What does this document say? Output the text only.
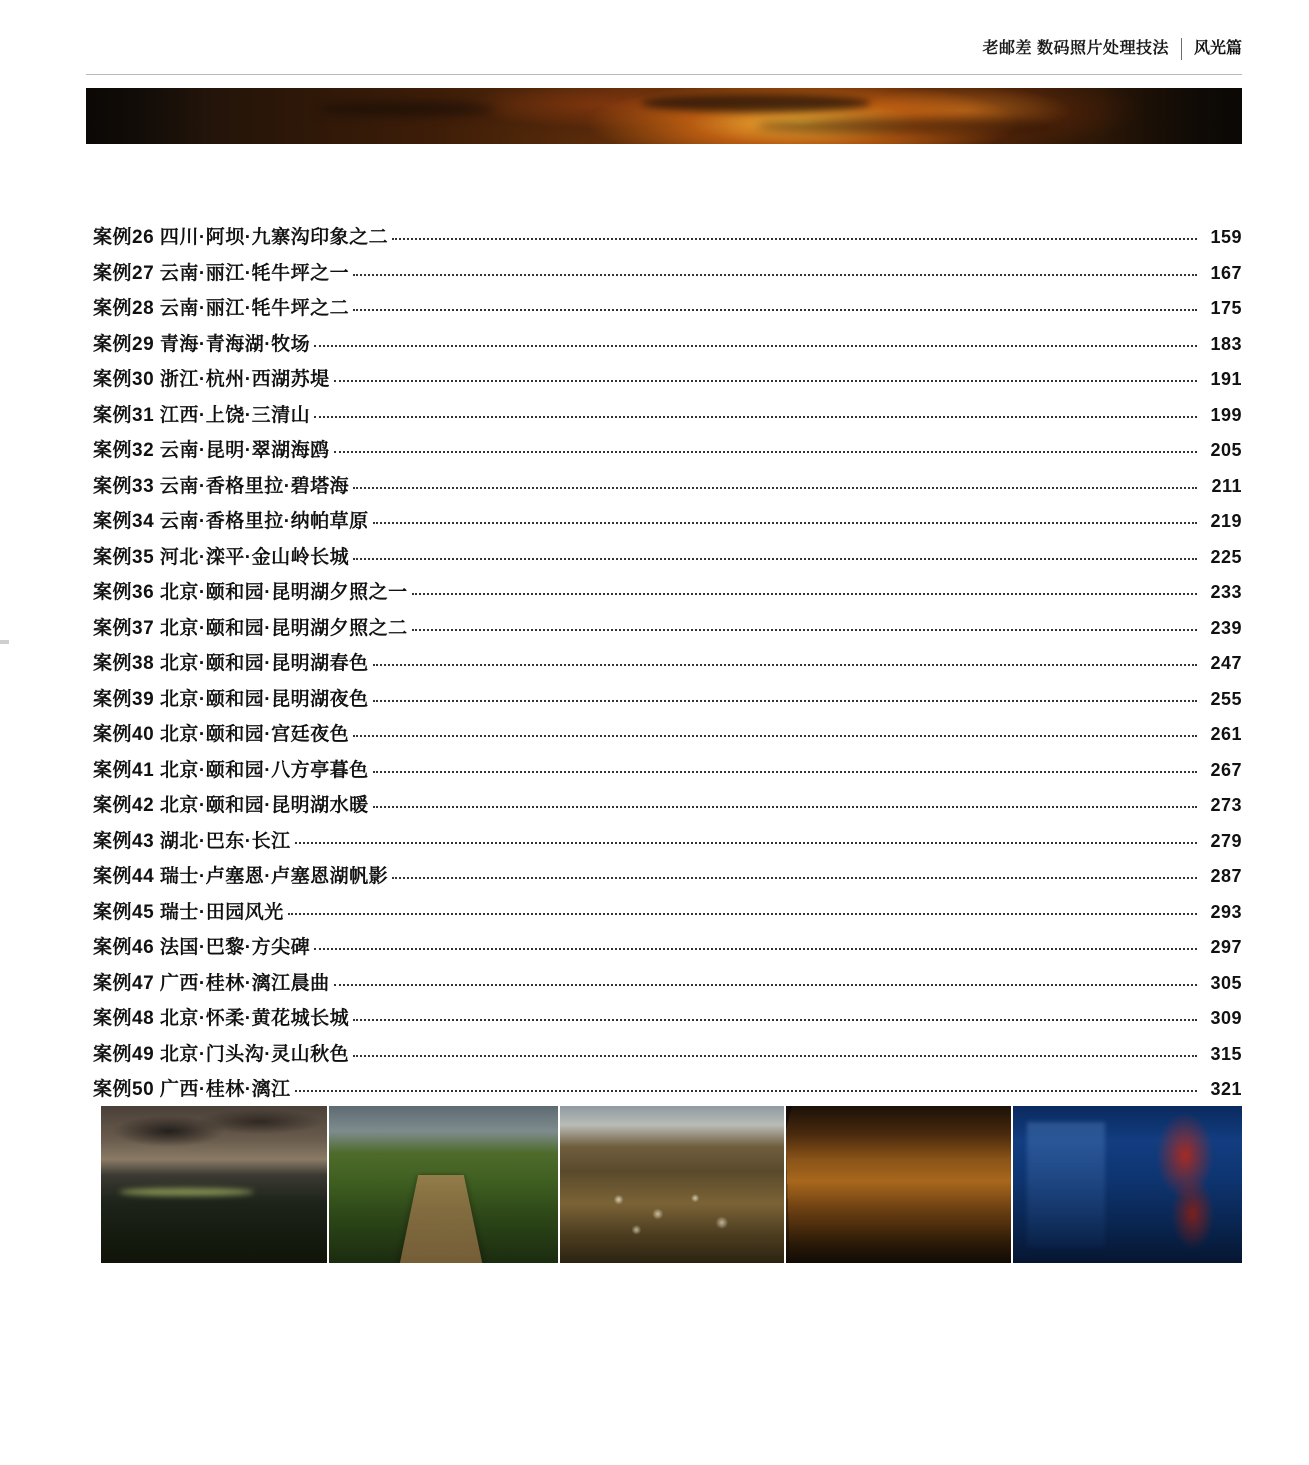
老邮差 数码照片处理技法 风光篇
案例26 四川·阿坝·九寨沟印象之二	159
案例27 云南·丽江·牦牛坪之一	167
案例28 云南·丽江·牦牛坪之二	175
案例29 青海·青海湖·牧场	183
案例30 浙江·杭州·西湖苏堤	191
案例31 江西·上饶·三清山	199
案例32 云南·昆明·翠湖海鸥	205
案例33 云南·香格里拉·碧塔海	211
案例34 云南·香格里拉·纳帕草原	219
案例35 河北·滦平·金山岭长城	225
案例36 北京·颐和园·昆明湖夕照之一	233
案例37 北京·颐和园·昆明湖夕照之二	239
案例38 北京·颐和园·昆明湖春色	247
案例39 北京·颐和园·昆明湖夜色	255
案例40 北京·颐和园·宫廷夜色	261
案例41 北京·颐和园·八方亭暮色	267
案例42 北京·颐和园·昆明湖水暖	273
案例43 湖北·巴东·长江	279
案例44 瑞士·卢塞恩·卢塞恩湖帆影	287
案例45 瑞士·田园风光	293
案例46 法国·巴黎·方尖碑	297
案例47 广西·桂林·漓江晨曲	305
案例48 北京·怀柔·黄花城长城	309
案例49 北京·门头沟·灵山秋色	315
案例50 广西·桂林·漓江	321
